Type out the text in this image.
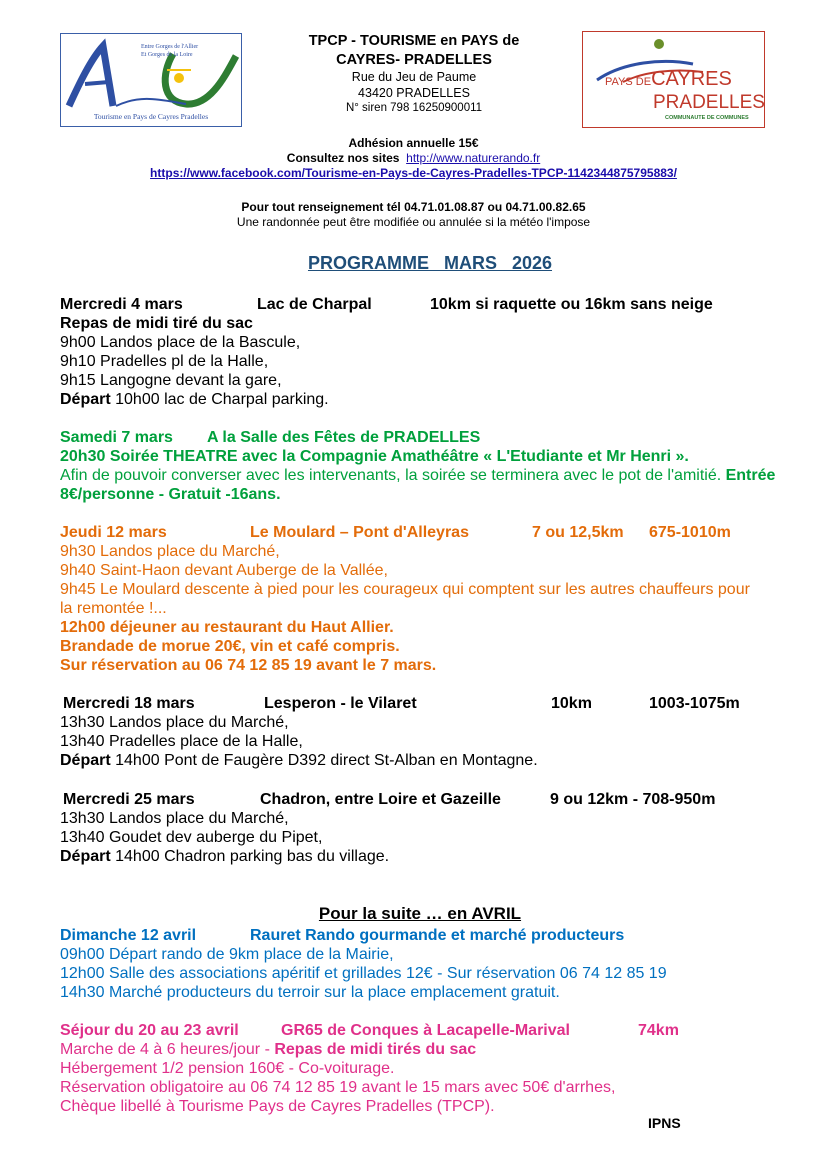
Entre Gorges de l'Allier
Et Gorges de la Loire
Tourisme en Pays de Cayres Pradelles
PAYS DECAYRES
PRADELLES
COMMUNAUTE DE COMMUNES
TPCP - TOURISME en PAYS de
CAYRES- PRADELLES
Rue du Jeu de Paume
43420 PRADELLES
N° siren 798 16250900011
Adhésion annuelle 15€
Consultez nos sites http://www.naturerando.fr
https://www.facebook.com/Tourisme-en-Pays-de-Cayres-Pradelles-TPCP-1142344875795883/
Pour tout renseignement tél 04.71.01.08.87 ou 04.71.00.82.65
Une randonnée peut être modifiée ou annulée si la météo l'impose
PROGRAMME   MARS   2026
Mercredi 4 mars	Lac de Charpal	10km si raquette ou 16km sans neige
Repas de midi tiré du sac
9h00 Landos place de la Bascule,
9h10 Pradelles pl de la Halle,
9h15 Langogne devant la gare,
Départ 10h00 lac de Charpal parking.
Samedi 7 mars A la Salle des Fêtes de PRADELLES
20h30 Soirée THEATRE avec la Compagnie Amathéâtre « L'Etudiante et Mr Henri ».
Afin de pouvoir converser avec les intervenants, la soirée se terminera avec le pot de l'amitié. Entrée 8€/personne - Gratuit -16ans.
Jeudi 12 mars	Le Moulard – Pont d'Alleyras	7 ou 12,5km 675-1010m
9h30 Landos place du Marché,
9h40 Saint-Haon devant Auberge de la Vallée,
9h45 Le Moulard descente à pied pour les courageux qui comptent sur les autres chauffeurs pour la remontée !...
12h00 déjeuner au restaurant du Haut Allier.
Brandade de morue 20€, vin et café compris.
Sur réservation au 06 74 12 85 19 avant le 7 mars.
Mercredi 18 mars	Lesperon - le Vilaret	10km	1003-1075m
13h30 Landos place du Marché,
13h40 Pradelles place de la Halle,
Départ 14h00 Pont de Faugère D392 direct St-Alban en Montagne.
Mercredi 25 mars	Chadron, entre Loire et Gazeille	9 ou 12km - 708-950m
13h30 Landos place du Marché,
13h40 Goudet dev auberge du Pipet,
Départ 14h00 Chadron parking bas du village.
Pour la suite … en AVRIL
Dimanche 12 avril	Rauret Rando gourmande et marché producteurs
09h00 Départ rando de 9km place de la Mairie,
12h00 Salle des associations apéritif et grillades 12€ - Sur réservation 06 74 12 85 19
14h30 Marché producteurs du terroir sur la place emplacement gratuit.
Séjour du 20 au 23 avril	GR65 de Conques à Lacapelle-Marival	74km
Marche de 4 à 6 heures/jour - Repas de midi tirés du sac
Hébergement 1/2 pension 160€ - Co-voiturage.
Réservation obligatoire au 06 74 12 85 19 avant le 15 mars avec 50€ d'arrhes,
Chèque libellé à Tourisme Pays de Cayres Pradelles (TPCP).
IPNS
